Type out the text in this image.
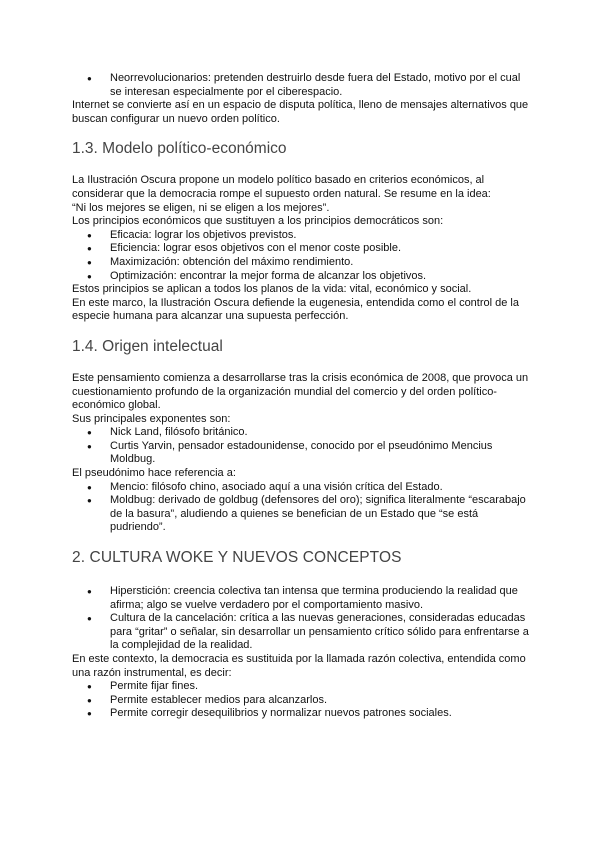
● Neorrevolucionarios: pretenden destruirlo desde fuera del Estado, motivo por el cual se interesan especialmente por el ciberespacio.

Internet se convierte así en un espacio de disputa política, lleno de mensajes alternativos que buscan configurar un nuevo orden político.

1.3. Modelo político-económico

La Ilustración Oscura propone un modelo político basado en criterios económicos, al considerar que la democracia rompe el supuesto orden natural. Se resume en la idea:

“Ni los mejores se eligen, ni se eligen a los mejores”.

Los principios económicos que sustituyen a los principios democráticos son:

● Eficacia: lograr los objetivos previstos.
● Eficiencia: lograr esos objetivos con el menor coste posible.
● Maximización: obtención del máximo rendimiento.
● Optimización: encontrar la mejor forma de alcanzar los objetivos.

Estos principios se aplican a todos los planos de la vida: vital, económico y social.

En este marco, la Ilustración Oscura defiende la eugenesia, entendida como el control de la especie humana para alcanzar una supuesta perfección.

1.4. Origen intelectual

Este pensamiento comienza a desarrollarse tras la crisis económica de 2008, que provoca un cuestionamiento profundo de la organización mundial del comercio y del orden político-económico global.

Sus principales exponentes son:

● Nick Land, filósofo británico.
● Curtis Yarvin, pensador estadounidense, conocido por el pseudónimo Mencius Moldbug.

El pseudónimo hace referencia a:

● Mencio: filósofo chino, asociado aquí a una visión crítica del Estado.
● Moldbug: derivado de goldbug (defensores del oro); significa literalmente “escarabajo de la basura”, aludiendo a quienes se benefician de un Estado que “se está pudriendo”.
2. CULTURA WOKE Y NUEVOS CONCEPTOS
● Hiperstición: creencia colectiva tan intensa que termina produciendo la realidad que afirma; algo se vuelve verdadero por el comportamiento masivo.
● Cultura de la cancelación: crítica a las nuevas generaciones, consideradas educadas para “gritar” o señalar, sin desarrollar un pensamiento crítico sólido para enfrentarse a la complejidad de la realidad.

En este contexto, la democracia es sustituida por la llamada razón colectiva, entendida como una razón instrumental, es decir:

● Permite fijar fines.
● Permite establecer medios para alcanzarlos.
● Permite corregir desequilibrios y normalizar nuevos patrones sociales.
